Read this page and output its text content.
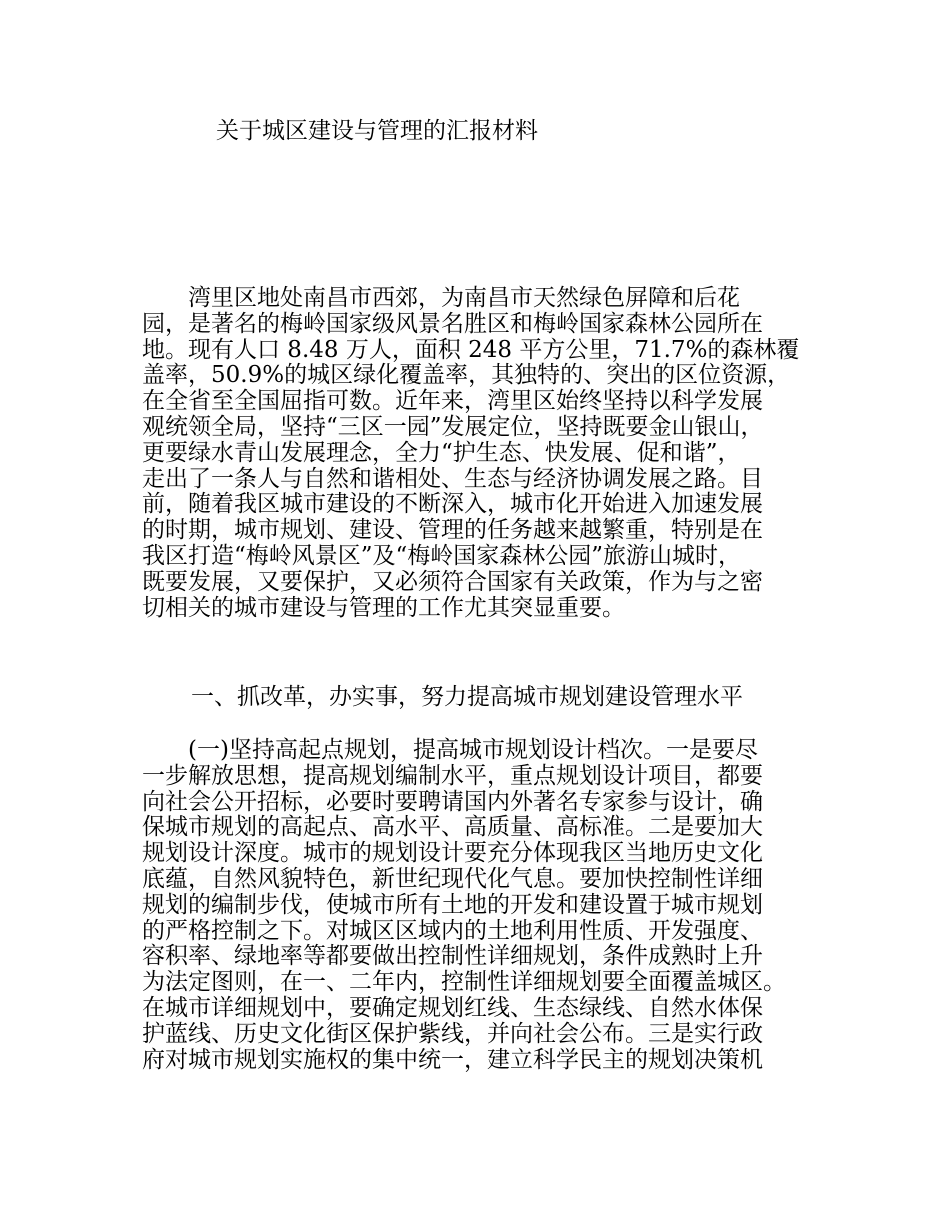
关于城区建设与管理的汇报材料
　　湾里区地处南昌市西郊，为南昌市天然绿色屏障和后花
园，是著名的梅岭国家级风景名胜区和梅岭国家森林公园所在
地。现有人口 8.48 万人，面积 248 平方公里，71.7%的森林覆
盖率，50.9%的城区绿化覆盖率，其独特的、突出的区位资源，
在全省至全国屈指可数。近年来，湾里区始终坚持以科学发展
观统领全局，坚持“三区一园”发展定位，坚持既要金山银山，
更要绿水青山发展理念，全力“护生态、快发展、促和谐”，
走出了一条人与自然和谐相处、生态与经济协调发展之路。目
前，随着我区城市建设的不断深入，城市化开始进入加速发展
的时期，城市规划、建设、管理的任务越来越繁重，特别是在
我区打造“梅岭风景区”及“梅岭国家森林公园”旅游山城时，
既要发展，又要保护，又必须符合国家有关政策，作为与之密
切相关的城市建设与管理的工作尤其突显重要。
一、抓改革，办实事，努力提高城市规划建设管理水平
　　(一)坚持高起点规划，提高城市规划设计档次。一是要尽
一步解放思想，提高规划编制水平，重点规划设计项目，都要
向社会公开招标，必要时要聘请国内外著名专家参与设计，确
保城市规划的高起点、高水平、高质量、高标准。二是要加大
规划设计深度。城市的规划设计要充分体现我区当地历史文化
底蕴，自然风貌特色，新世纪现代化气息。要加快控制性详细
规划的编制步伐，使城市所有土地的开发和建设置于城市规划
的严格控制之下。对城区区域内的土地利用性质、开发强度、
容积率、绿地率等都要做出控制性详细规划，条件成熟时上升
为法定图则，在一、二年内，控制性详细规划要全面覆盖城区。
在城市详细规划中，要确定规划红线、生态绿线、自然水体保
护蓝线、历史文化街区保护紫线，并向社会公布。三是实行政
府对城市规划实施权的集中统一，建立科学民主的规划决策机
